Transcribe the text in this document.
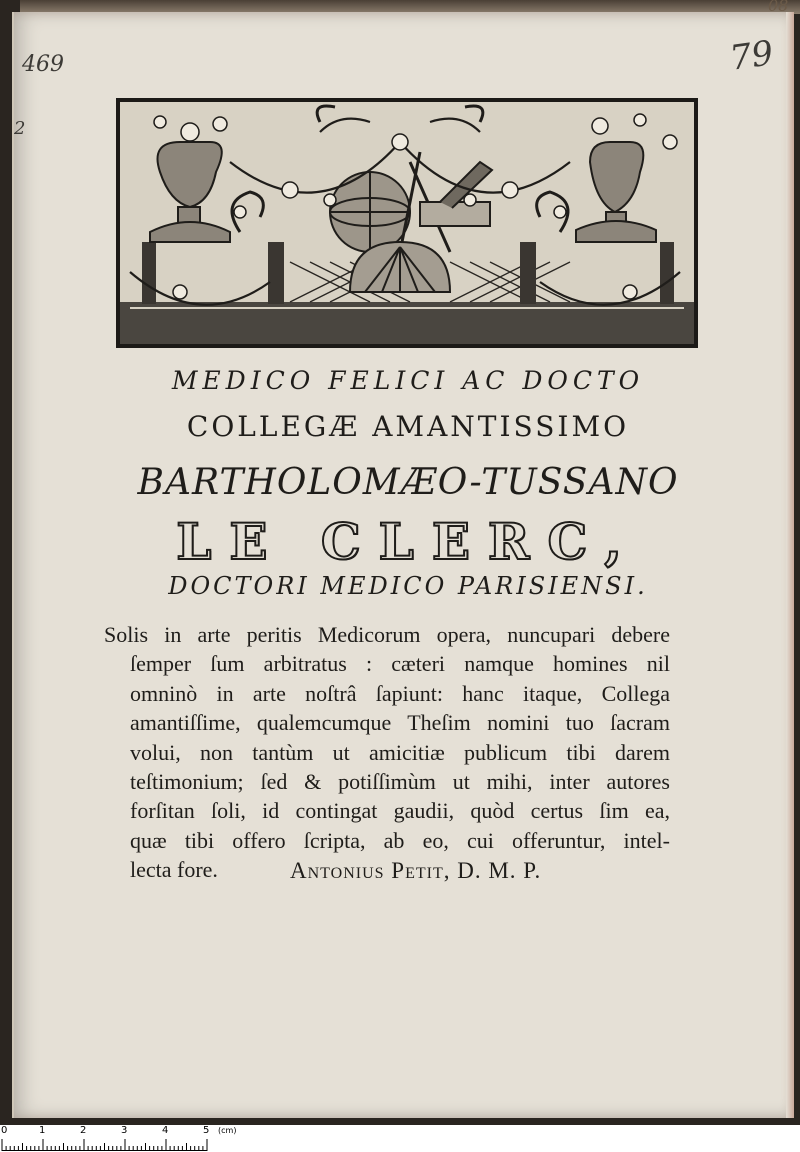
469
2
79
08
MEDICO FELICI AC DOCTO
COLLEGÆ AMANTISSIMO
BARTHOLOMÆO-TUSSANO
LE CLERC,
DOCTORI MEDICO PARISIENSI.
Solis in arte peritis Medicorum opera, nuncupari debere
ſemper ſum arbitratus : cæteri namque homines nil
omninò in arte noſtrâ ſapiunt: hanc itaque, Collega
amantiſſime, qualemcumque Theſim nomini tuo ſacram
volui, non tantùm ut amicitiæ publicum tibi darem
teſtimonium; ſed & potiſſimùm ut mihi, inter autores
forſitan ſoli, id contingat gaudii, quòd certus ſim ea,
quæ tibi offero ſcripta, ab eo, cui offeruntur, intel-
lecta fore.	Antonius Petit, D. M. P.
0	1	2	3	4	5 (cm)
